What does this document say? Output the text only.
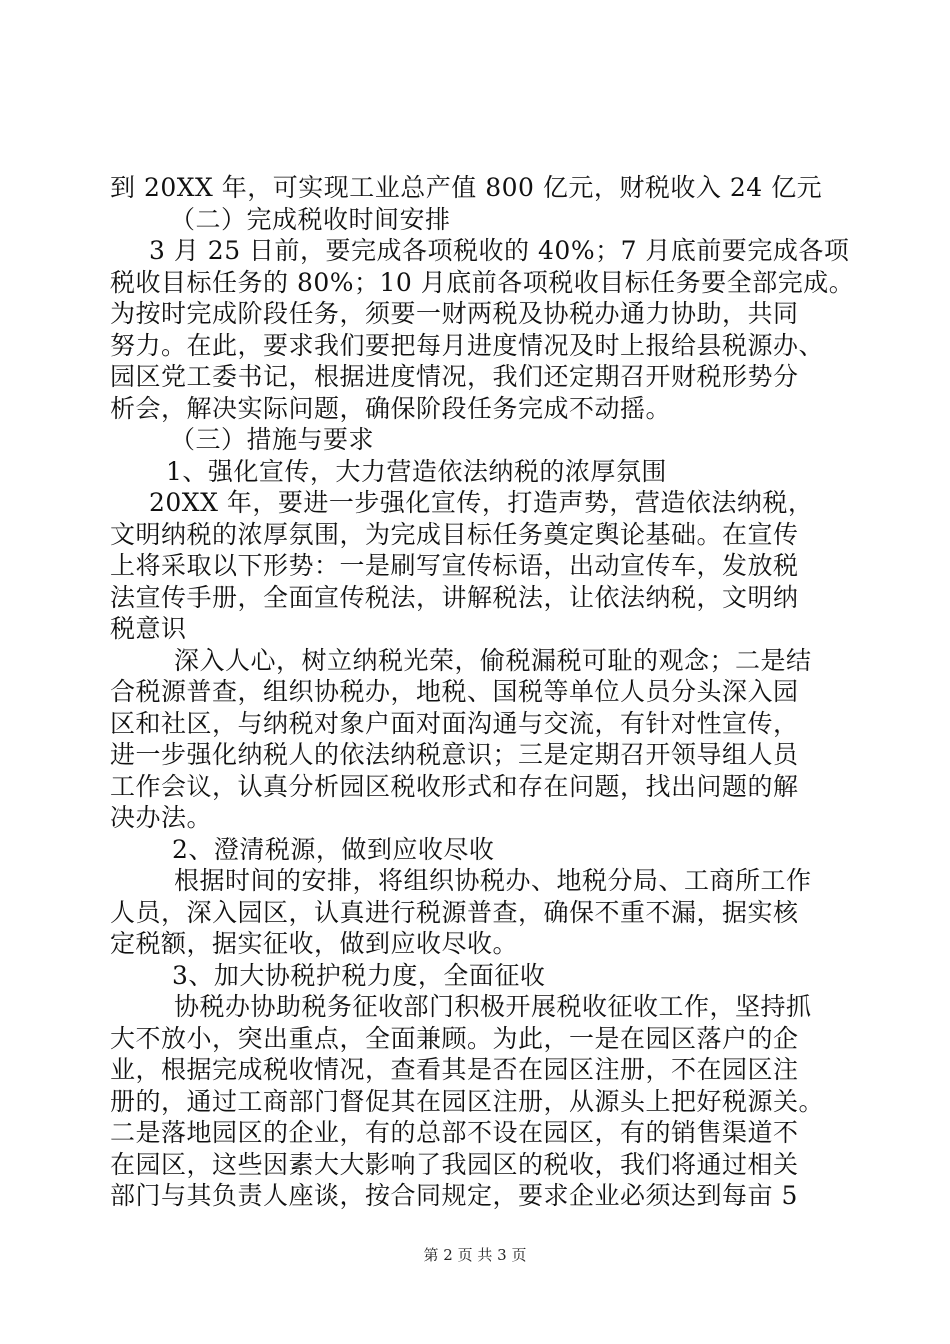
到 20XX 年，可实现工业总产值 800 亿元，财税收入 24 亿元
（二）完成税收时间安排
3 月 25 日前，要完成各项税收的 40%；7 月底前要完成各项
税收目标任务的 80%；10 月底前各项税收目标任务要全部完成。
为按时完成阶段任务，须要一财两税及协税办通力协助，共同
努力。在此，要求我们要把每月进度情况及时上报给县税源办、
园区党工委书记，根据进度情况，我们还定期召开财税形势分
析会，解决实际问题，确保阶段任务完成不动摇。
（三）措施与要求
1、强化宣传，大力营造依法纳税的浓厚氛围
20XX 年，要进一步强化宣传，打造声势，营造依法纳税，
文明纳税的浓厚氛围，为完成目标任务奠定舆论基础。在宣传
上将采取以下形势：一是刷写宣传标语，出动宣传车，发放税
法宣传手册，全面宣传税法，讲解税法，让依法纳税，文明纳
税意识
深入人心，树立纳税光荣，偷税漏税可耻的观念；二是结
合税源普查，组织协税办，地税、国税等单位人员分头深入园
区和社区，与纳税对象户面对面沟通与交流，有针对性宣传，
进一步强化纳税人的依法纳税意识；三是定期召开领导组人员
工作会议，认真分析园区税收形式和存在问题，找出问题的解
决办法。
2、澄清税源，做到应收尽收
根据时间的安排，将组织协税办、地税分局、工商所工作
人员，深入园区，认真进行税源普查，确保不重不漏，据实核
定税额，据实征收，做到应收尽收。
3、加大协税护税力度，全面征收
协税办协助税务征收部门积极开展税收征收工作，坚持抓
大不放小，突出重点，全面兼顾。为此，一是在园区落户的企
业，根据完成税收情况，查看其是否在园区注册，不在园区注
册的，通过工商部门督促其在园区注册，从源头上把好税源关。
二是落地园区的企业，有的总部不设在园区，有的销售渠道不
在园区，这些因素大大影响了我园区的税收，我们将通过相关
部门与其负责人座谈，按合同规定，要求企业必须达到每亩 5
第 2 页 共 3 页
